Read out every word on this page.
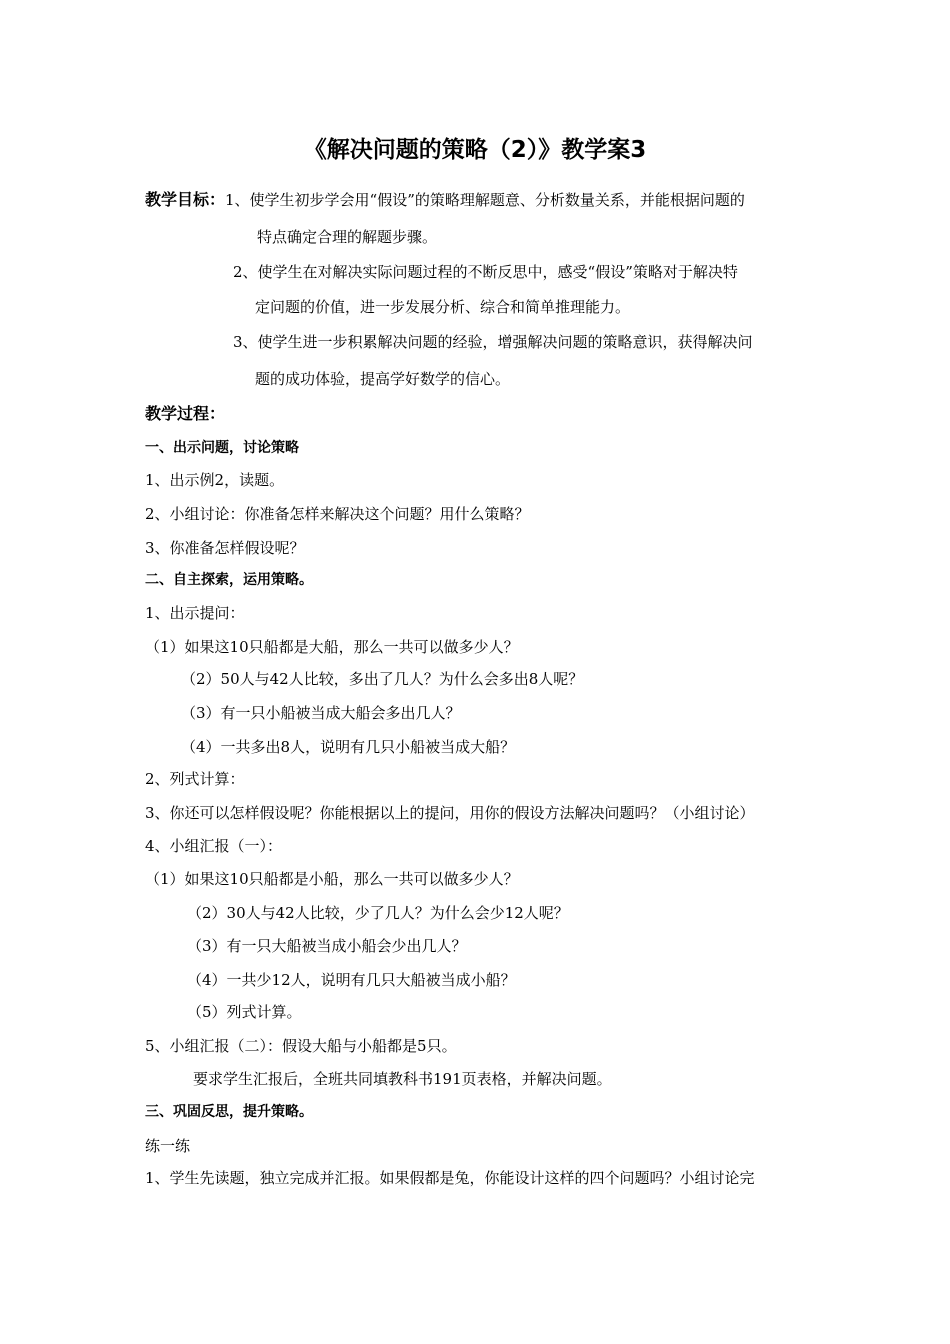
《解决问题的策略（2）》教学案3
教学目标：1、使学生初步学会用“假设”的策略理解题意、分析数量关系，并能根据问题的
特点确定合理的解题步骤。
2、使学生在对解决实际问题过程的不断反思中，感受“假设”策略对于解决特
定问题的价值，进一步发展分析、综合和简单推理能力。
3、使学生进一步积累解决问题的经验，增强解决问题的策略意识，获得解决问
题的成功体验，提高学好数学的信心。
教学过程：
一、出示问题，讨论策略
1、出示例2，读题。
2、小组讨论：你准备怎样来解决这个问题？用什么策略？
3、你准备怎样假设呢？
二、自主探索，运用策略。
1、出示提问：
（1）如果这10只船都是大船，那么一共可以做多少人？
（2）50人与42人比较，多出了几人？为什么会多出8人呢？
（3）有一只小船被当成大船会多出几人？
（4）一共多出8人，说明有几只小船被当成大船？
2、列式计算：
3、你还可以怎样假设呢？你能根据以上的提问，用你的假设方法解决问题吗？（小组讨论）
4、小组汇报（一）：
（1）如果这10只船都是小船，那么一共可以做多少人？
（2）30人与42人比较，少了几人？为什么会少12人呢？
（3）有一只大船被当成小船会少出几人？
（4）一共少12人，说明有几只大船被当成小船？
（5）列式计算。
5、小组汇报（二）：假设大船与小船都是5只。
要求学生汇报后，全班共同填教科书191页表格，并解决问题。
三、巩固反思，提升策略。
练一练
1、学生先读题，独立完成并汇报。如果假都是兔，你能设计这样的四个问题吗？小组讨论完
